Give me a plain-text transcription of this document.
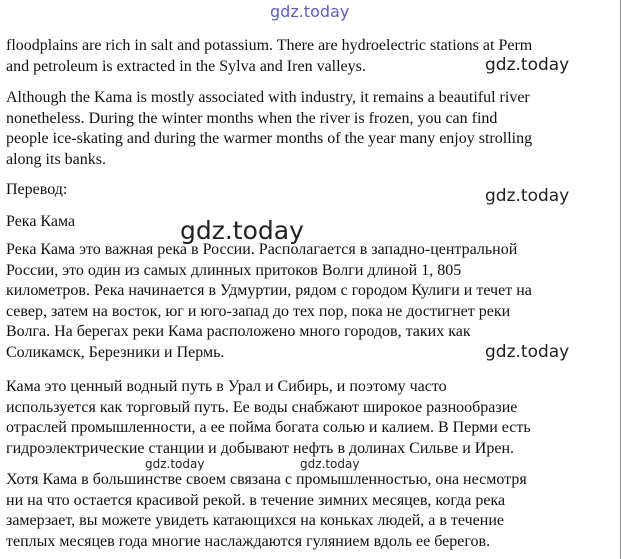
gdz.today

floodplains are rich in salt and potassium. There are hydroelectric stations at Perm
and petroleum is extracted in the Sylva and Iren valleys.	gdz.today

Although the Kama is mostly associated with industry, it remains a beautiful river
nonetheless. During the winter months when the river is frozen, you can find
people ice-skating and during the warmer months of the year many enjoy strolling
along its banks.

Перевод:	gdz.today

Река Кама	gdz.today

Река Кама это важная река в России. Располагается в западно-центральной
России, это один из самых длинных притоков Волги длиной 1, 805
километров. Река начинается в Удмуртии, рядом с городом Кулиги и течет на
север, затем на восток, юг и юго-запад до тех пор, пока не достигнет реки
Волга. На берегах реки Кама расположено много городов, таких как
Соликамск, Березники и Пермь.	gdz.today

Кама это ценный водный путь в Урал и Сибирь, и поэтому часто
используется как торговый путь. Ее воды снабжают широкое разнообразие
отраслей промышленности, а ее пойма богата солью и калием. В Перми есть
гидроэлектрические станции и добывают нефть в долинах Сильве и Ирен.

gdz.today	gdz.today

Хотя Кама в большинстве своем связана с промышленностью, она несмотря
ни на что остается красивой рекой. в течение зимних месяцев, когда река
замерзает, вы можете увидеть катающихся на коньках людей, а в течение
теплых месяцев года многие наслаждаются гулянием вдоль ее берегов.
